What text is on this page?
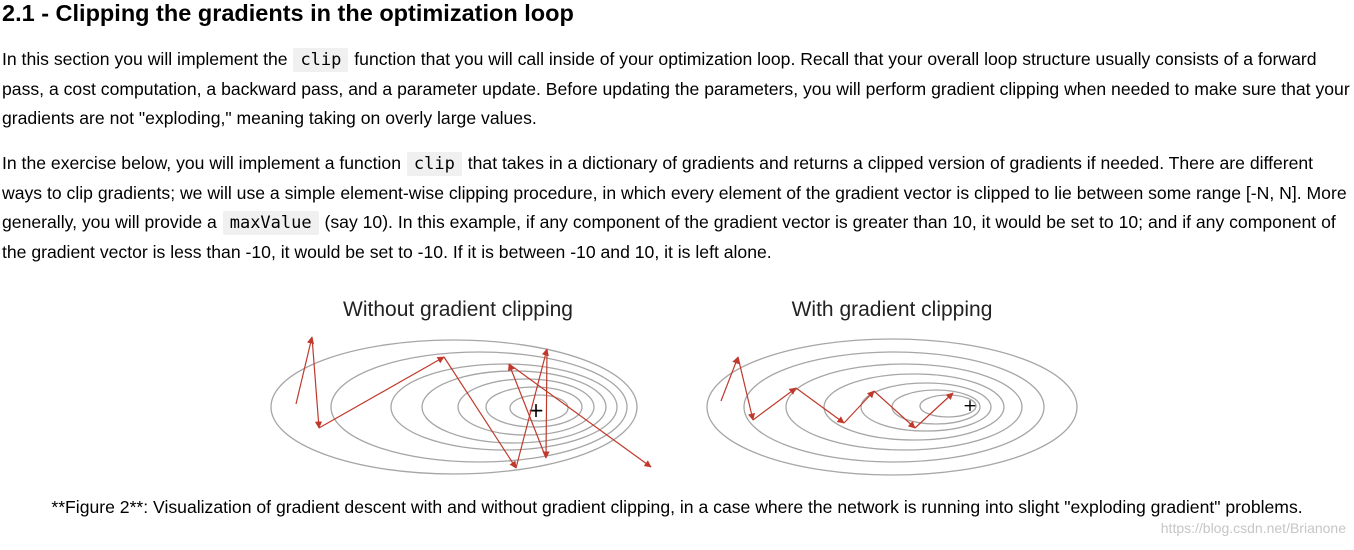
2.1 - Clipping the gradients in the optimization loop

In this section you will implement the clip function that you will call inside of your optimization loop. Recall that your overall loop structure usually consists of a forward pass, a cost computation, a backward pass, and a parameter update. Before updating the parameters, you will perform gradient clipping when needed to make sure that your gradients are not "exploding," meaning taking on overly large values.

In the exercise below, you will implement a function clip that takes in a dictionary of gradients and returns a clipped version of gradients if needed. There are different ways to clip gradients; we will use a simple element-wise clipping procedure, in which every element of the gradient vector is clipped to lie between some range [-N, N]. More generally, you will provide a maxValue (say 10). In this example, if any component of the gradient vector is greater than 10, it would be set to 10; and if any component of the gradient vector is less than -10, it would be set to -10. If it is between -10 and 10, it is left alone.

Without gradient clipping
+
With gradient clipping
+

**Figure 2**: Visualization of gradient descent with and without gradient clipping, in a case where the network is running into slight "exploding gradient" problems.

https://blog.csdn.net/Brianone
